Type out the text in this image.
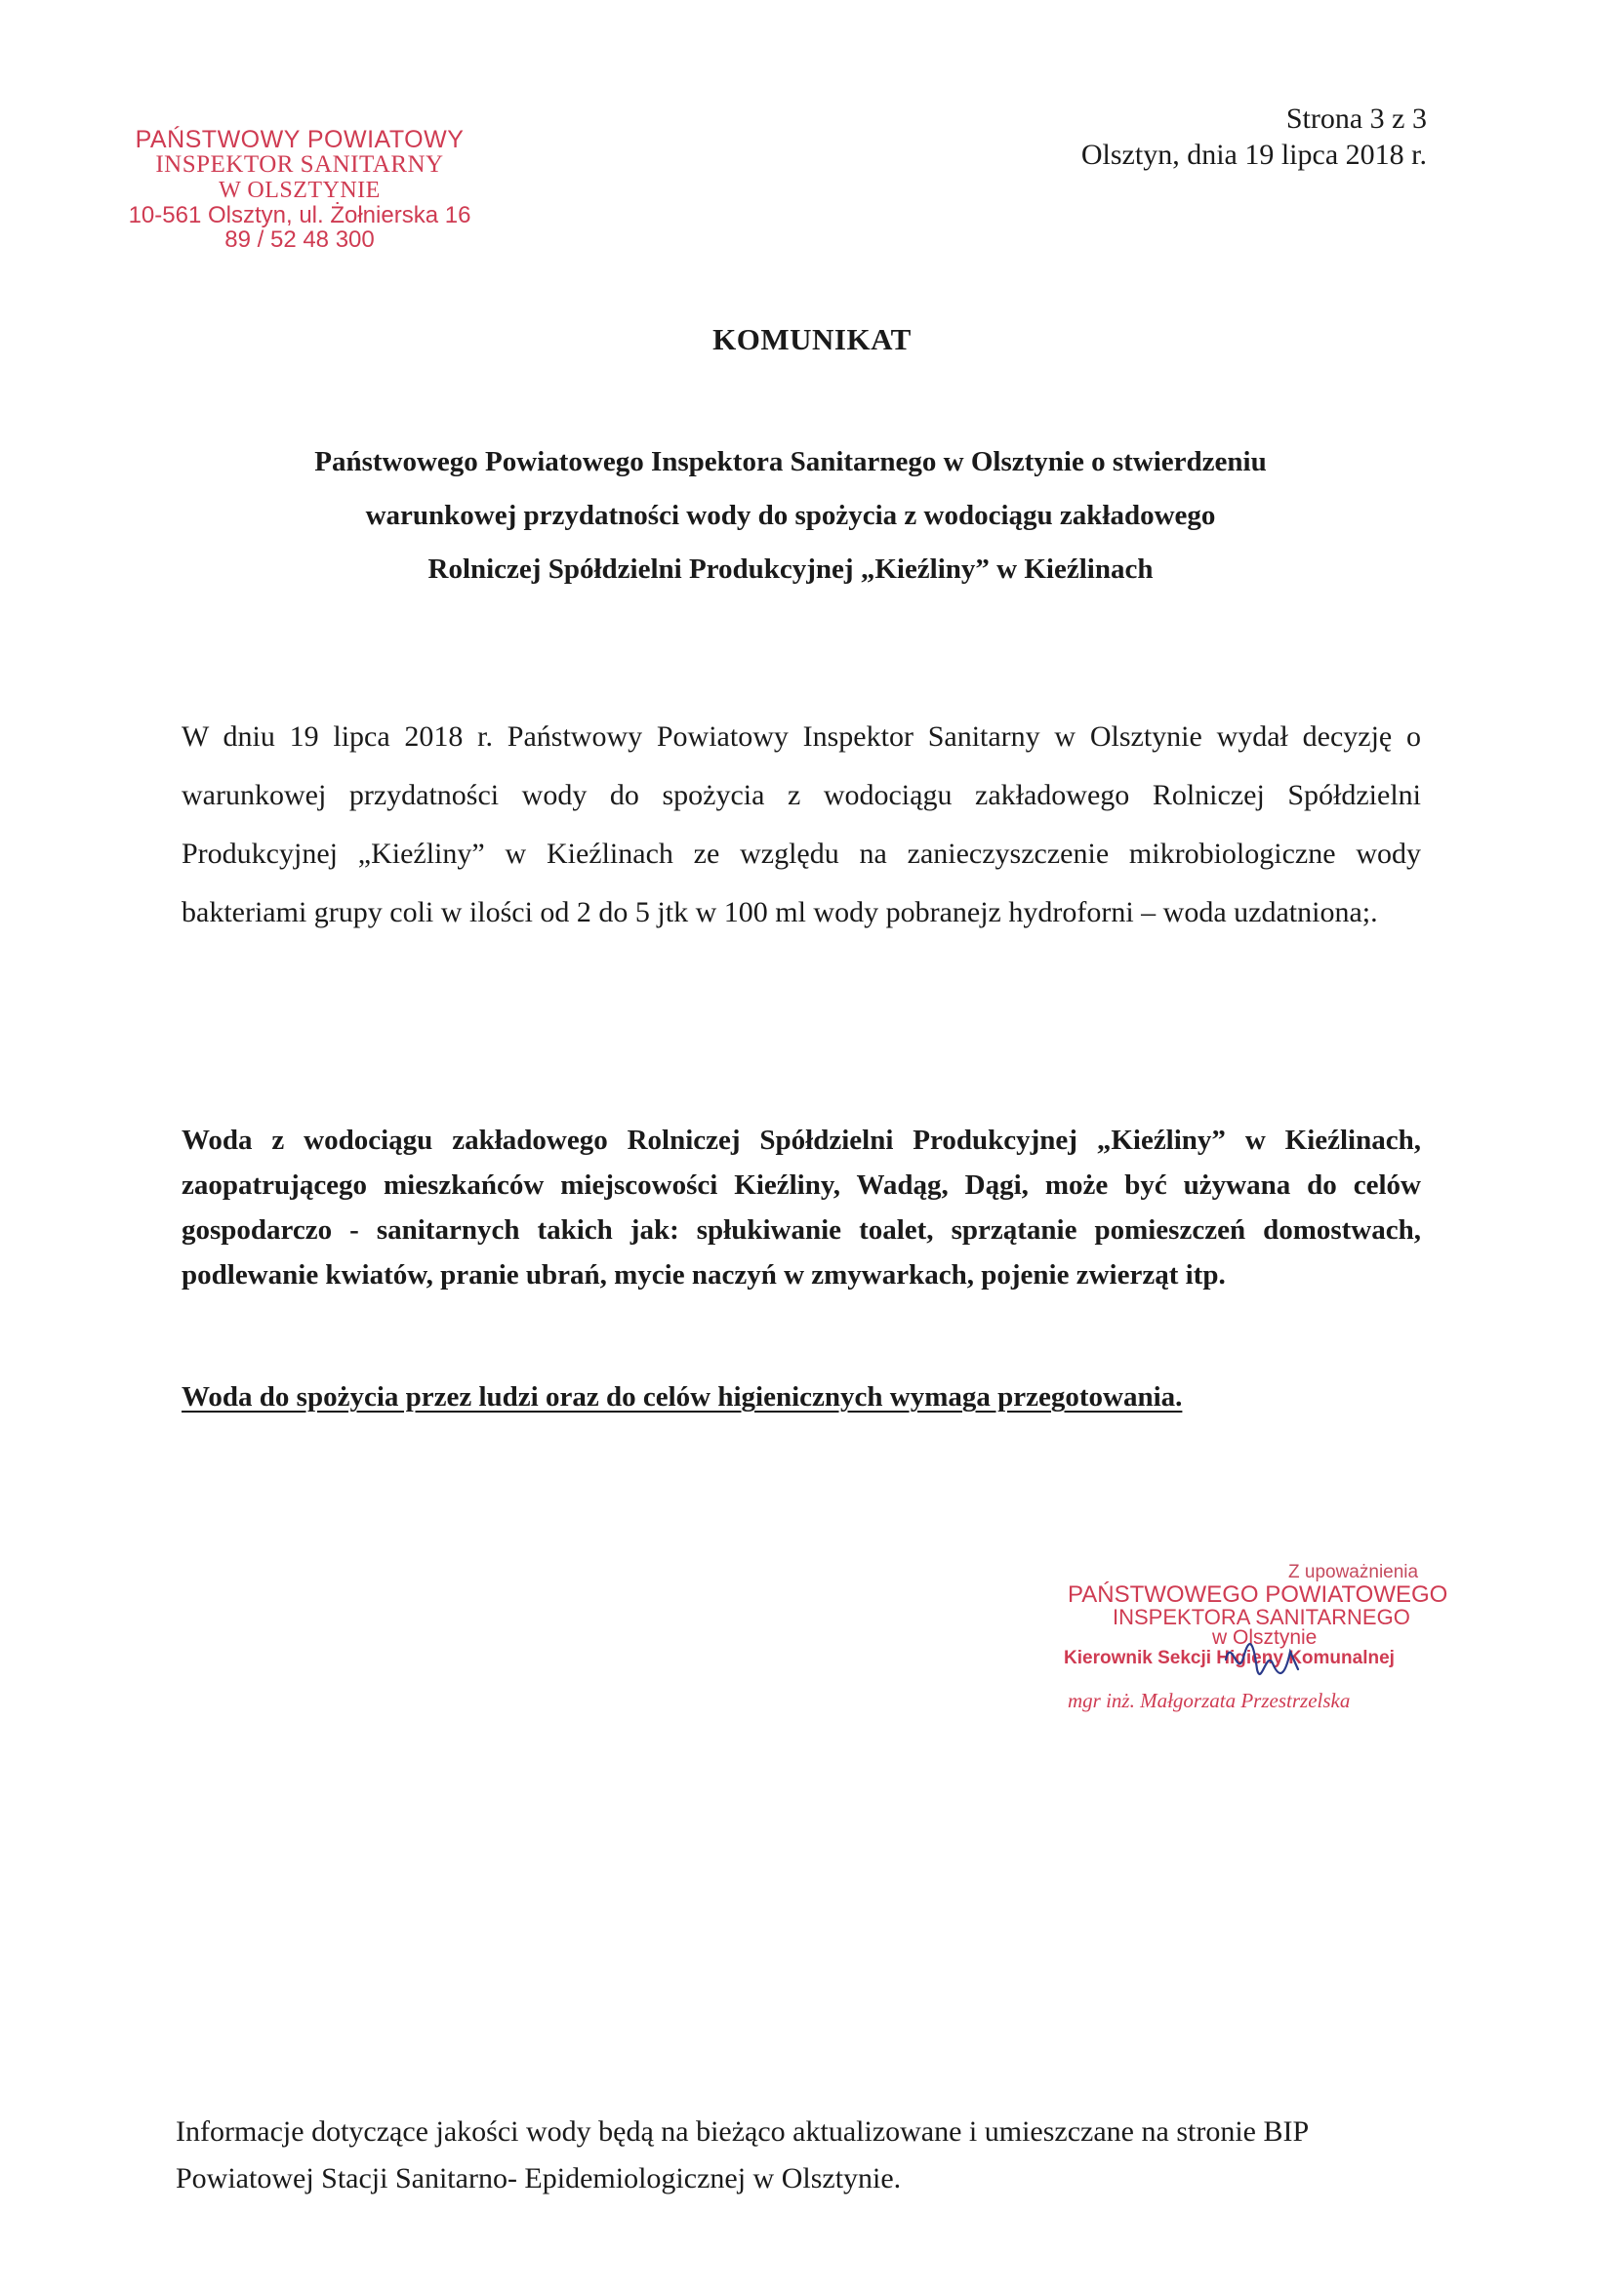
PAŃSTWOWY POWIATOWY
INSPEKTOR SANITARNY
W OLSZTYNIE
10-561 Olsztyn, ul. Żołnierska 16
89 / 52 48 300
Strona 3 z 3
Olsztyn, dnia 19 lipca 2018 r.
KOMUNIKAT
Państwowego Powiatowego Inspektora Sanitarnego w Olsztynie o stwierdzeniu
warunkowej przydatności wody do spożycia z wodociągu zakładowego
Rolniczej Spółdzielni Produkcyjnej „Kieźliny” w Kieźlinach
W dniu 19 lipca 2018 r. Państwowy Powiatowy Inspektor Sanitarny w Olsztynie wydał decyzję o warunkowej przydatności wody do spożycia z wodociągu zakładowego Rolniczej Spółdzielni Produkcyjnej „Kieźliny” w Kieźlinach ze względu na zanieczyszczenie mikrobiologiczne wody bakteriami grupy coli w ilości od 2 do 5 jtk w 100 ml wody pobranejz hydroforni – woda uzdatniona;.
Woda z wodociągu zakładowego Rolniczej Spółdzielni Produkcyjnej „Kieźliny” w Kieźlinach, zaopatrującego mieszkańców miejscowości Kieźliny, Wadąg, Dągi, może być używana do celów gospodarczo - sanitarnych takich jak: spłukiwanie toalet, sprzątanie pomieszczeń domostwach, podlewanie kwiatów, pranie ubrań, mycie naczyń w zmywarkach, pojenie zwierząt itp.
Woda do spożycia przez ludzi oraz do celów higienicznych wymaga przegotowania.
Z upoważnienia
PAŃSTWOWEGO POWIATOWEGO
INSPEKTORA SANITARNEGO
w Olsztynie
Kierownik Sekcji Higieny Komunalnej
mgr inż. Małgorzata Przestrzelska
Informacje dotyczące jakości wody będą na bieżąco aktualizowane i umieszczane na stronie BIP Powiatowej Stacji Sanitarno- Epidemiologicznej w Olsztynie.
